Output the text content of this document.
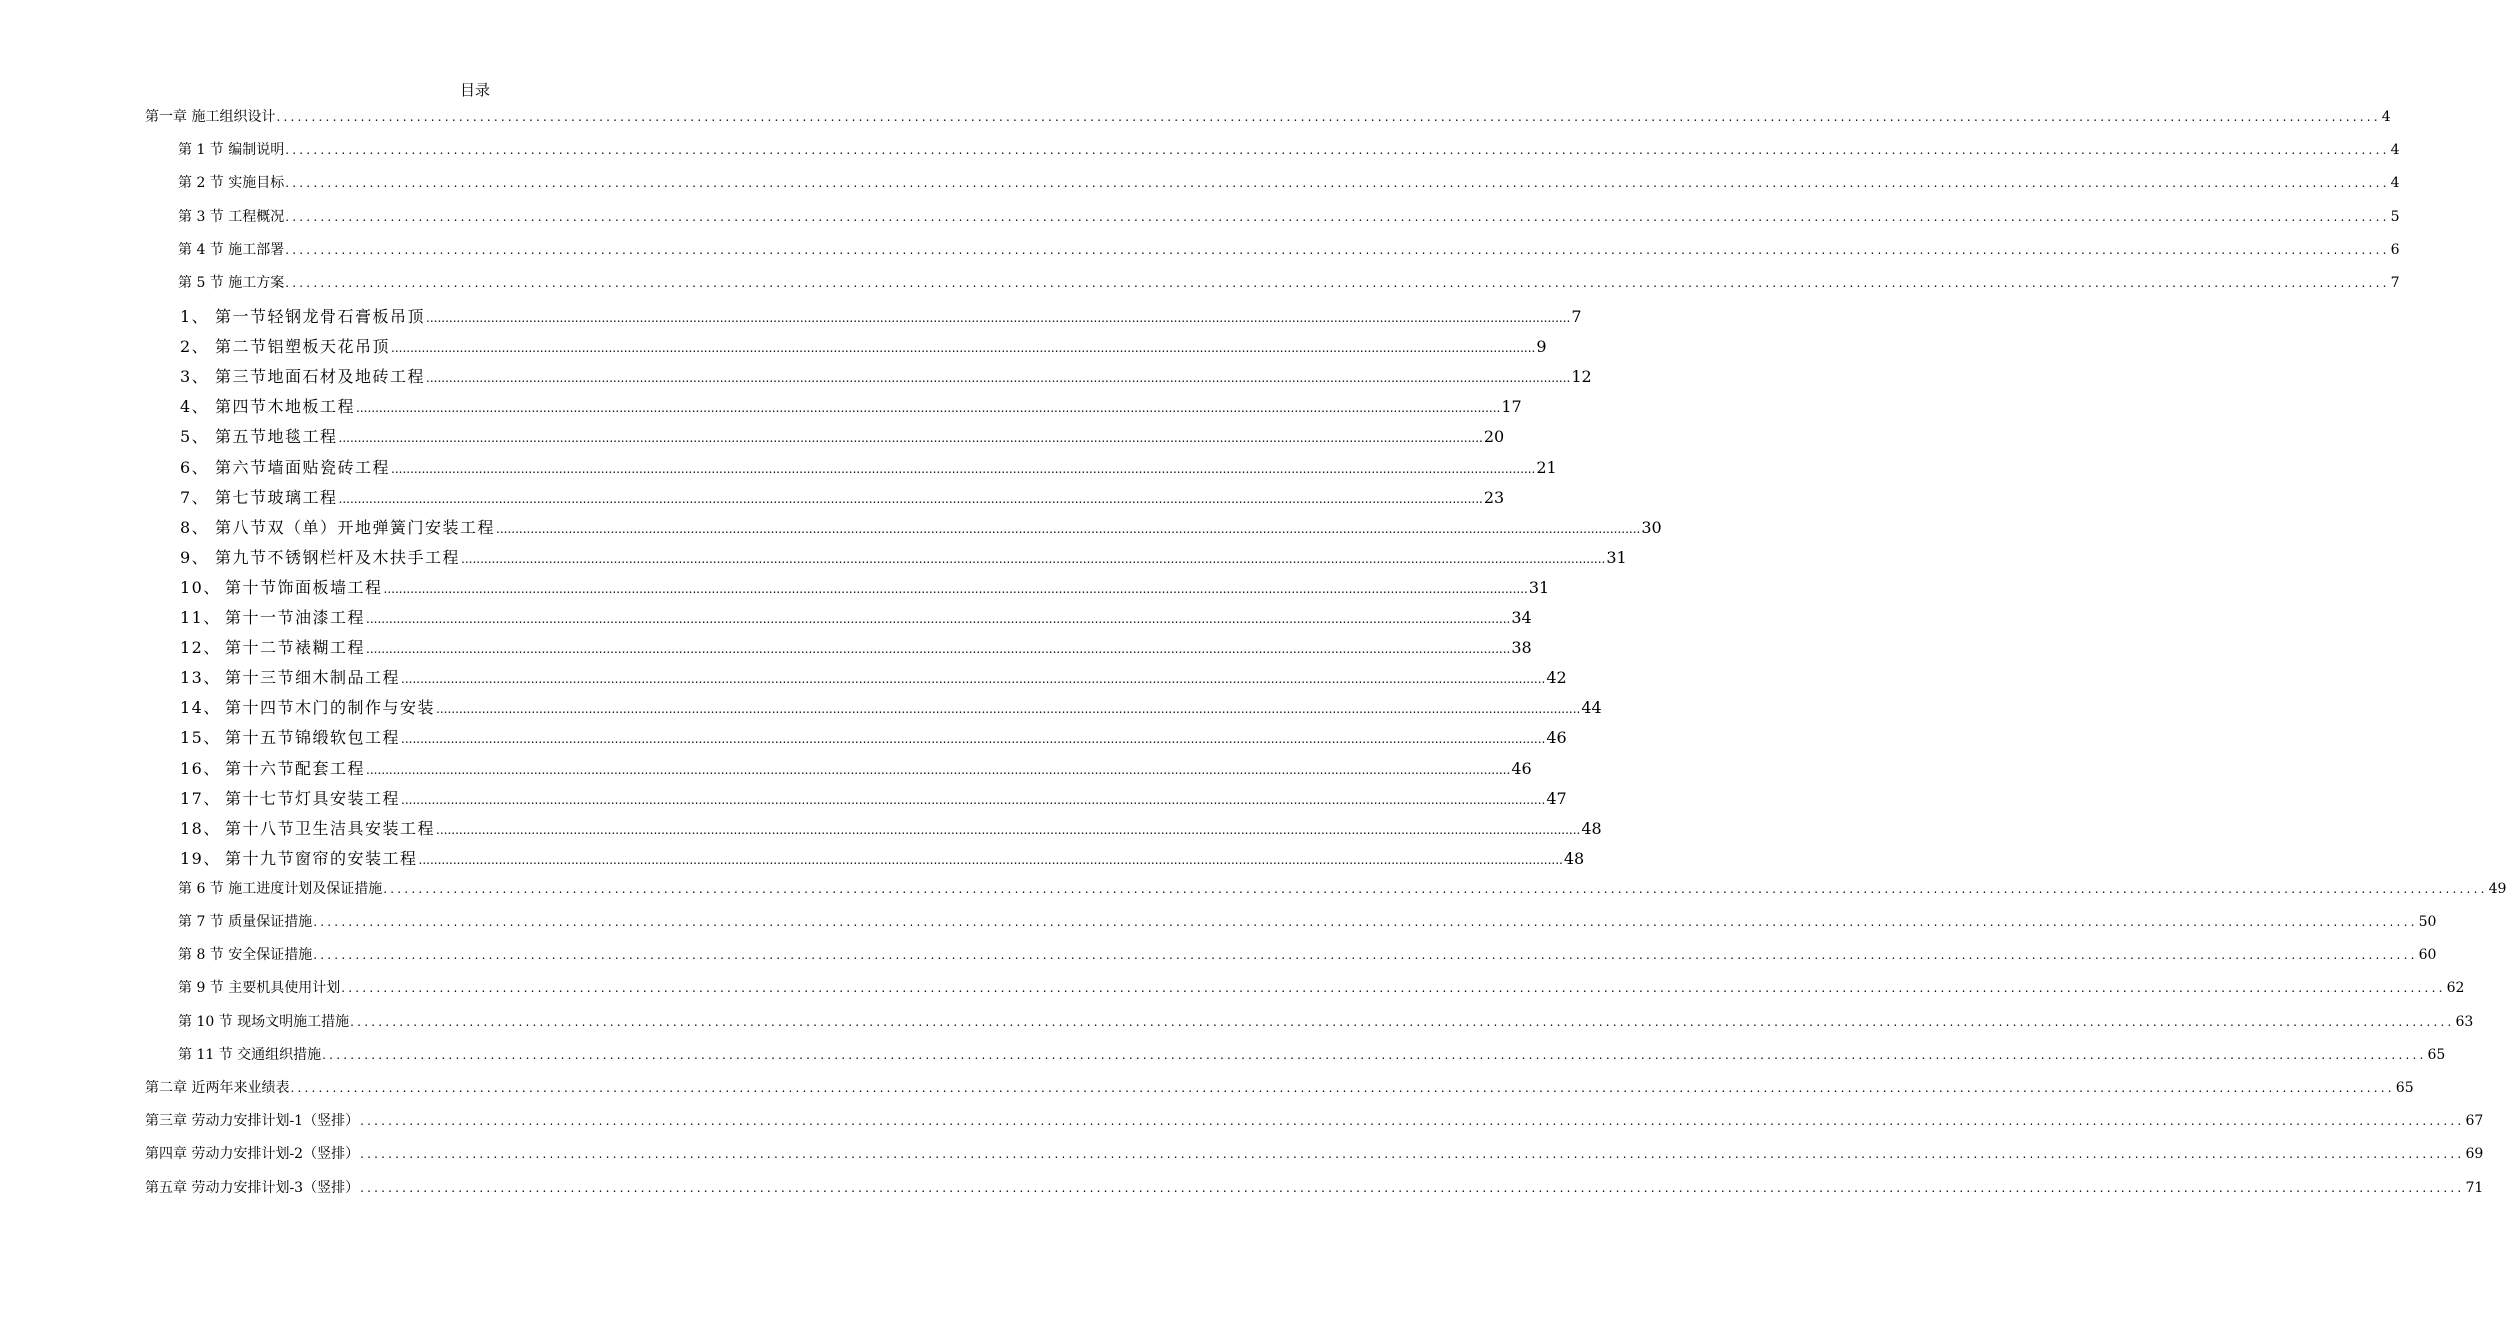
目录
第一章 施工组织设计 ............................................................................................................................................................................................................................................................................................................ 4
第 1 节 编制说明 ............................................................................................................................................................................................................................................................................................................ 4
第 2 节 实施目标 ............................................................................................................................................................................................................................................................................................................ 4
第 3 节 工程概况 ............................................................................................................................................................................................................................................................................................................ 5
第 4 节 施工部署 ............................................................................................................................................................................................................................................................................................................ 6
第 5 节 施工方案 ............................................................................................................................................................................................................................................................................................................ 7
1、 第一节轻钢龙骨石膏板吊顶 ............................................................................................................................................................................................................................................................................................................ 7
2、 第二节铝塑板天花吊顶 ............................................................................................................................................................................................................................................................................................................ 9
3、 第三节地面石材及地砖工程 ............................................................................................................................................................................................................................................................................................................ 12
4、 第四节木地板工程 ............................................................................................................................................................................................................................................................................................................ 17
5、 第五节地毯工程 ............................................................................................................................................................................................................................................................................................................ 20
6、 第六节墙面贴瓷砖工程 ............................................................................................................................................................................................................................................................................................................ 21
7、 第七节玻璃工程 ............................................................................................................................................................................................................................................................................................................ 23
8、 第八节双（单）开地弹簧门安装工程 ............................................................................................................................................................................................................................................................................................................ 30
9、 第九节不锈钢栏杆及木扶手工程 ............................................................................................................................................................................................................................................................................................................ 31
10、 第十节饰面板墙工程 ............................................................................................................................................................................................................................................................................................................ 31
11、 第十一节油漆工程 ............................................................................................................................................................................................................................................................................................................ 34
12、 第十二节裱糊工程 ............................................................................................................................................................................................................................................................................................................ 38
13、 第十三节细木制品工程 ............................................................................................................................................................................................................................................................................................................ 42
14、 第十四节木门的制作与安装 ............................................................................................................................................................................................................................................................................................................ 44
15、 第十五节锦缎软包工程 ............................................................................................................................................................................................................................................................................................................ 46
16、 第十六节配套工程 ............................................................................................................................................................................................................................................................................................................ 46
17、 第十七节灯具安装工程 ............................................................................................................................................................................................................................................................................................................ 47
18、 第十八节卫生洁具安装工程 ............................................................................................................................................................................................................................................................................................................ 48
19、 第十九节窗帘的安装工程 ............................................................................................................................................................................................................................................................................................................ 48
第 6 节 施工进度计划及保证措施 ............................................................................................................................................................................................................................................................................................................ 49
第 7 节 质量保证措施 ............................................................................................................................................................................................................................................................................................................ 50
第 8 节 安全保证措施 ............................................................................................................................................................................................................................................................................................................ 60
第 9 节 主要机具使用计划 ............................................................................................................................................................................................................................................................................................................ 62
第 10 节 现场文明施工措施 ............................................................................................................................................................................................................................................................................................................ 63
第 11 节 交通组织措施 ............................................................................................................................................................................................................................................................................................................ 65
第二章 近两年来业绩表 ............................................................................................................................................................................................................................................................................................................ 65
第三章 劳动力安排计划-1（竖排） ............................................................................................................................................................................................................................................................................................................ 67
第四章 劳动力安排计划-2（竖排） ............................................................................................................................................................................................................................................................................................................ 69
第五章 劳动力安排计划-3（竖排） ............................................................................................................................................................................................................................................................................................................ 71
